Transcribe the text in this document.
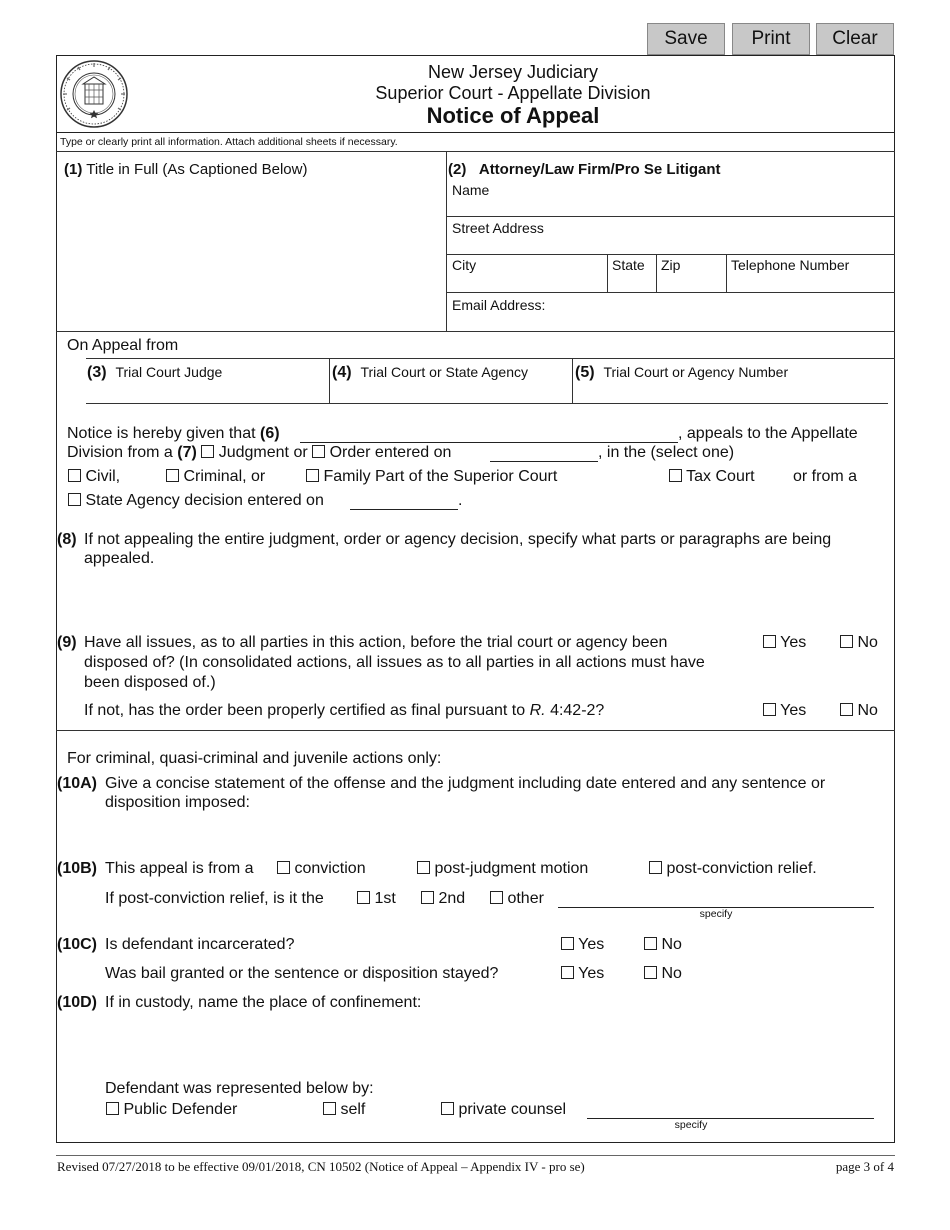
Save	Print	Clear
New Jersey Judiciary
Superior Court - Appellate Division
Notice of Appeal
Type or clearly print all information. Attach additional sheets if necessary.
(1) Title in Full (As Captioned Below)	(2) Attorney/Law Firm/Pro Se Litigant
Name
Street Address
City	State Zip	Telephone Number
Email Address:
On Appeal from
(3) Trial Court Judge	(4) Trial Court or State Agency	(5) Trial Court or Agency Number
Notice is hereby given that (6)	, appeals to the Appellate
Division from a (7) Judgment or Order entered on	, in the (select one)
Civil,	Criminal, or	Family Part of the Superior Court	Tax Court or from a
State Agency decision entered on	.
(8) If not appealing the entire judgment, order or agency decision, specify what parts or paragraphs are being
appealed.
(9) Have all issues, as to all parties in this action, before the trial court or agency been
disposed of? (In consolidated actions, all issues as to all parties in all actions must have
been disposed of.)
Yes	No
If not, has the order been properly certified as final pursuant to R. 4:42-2?	Yes	No
For criminal, quasi-criminal and juvenile actions only:
(10A) Give a concise statement of the offense and the judgment including date entered and any sentence or
disposition imposed:
(10B) This appeal is from a	conviction	post-judgment motion	post-conviction relief.
If post-conviction relief, is it the	1st	2nd	other
specify
(10C) Is defendant incarcerated?	Yes	No
Was bail granted or the sentence or disposition stayed?	Yes	No
(10D) If in custody, name the place of confinement:
Defendant was represented below by:
Public Defender	self	private counsel
specify
Revised 07/27/2018 to be effective 09/01/2018, CN 10502 (Notice of Appeal – Appendix IV - pro se)	page 3 of 4
